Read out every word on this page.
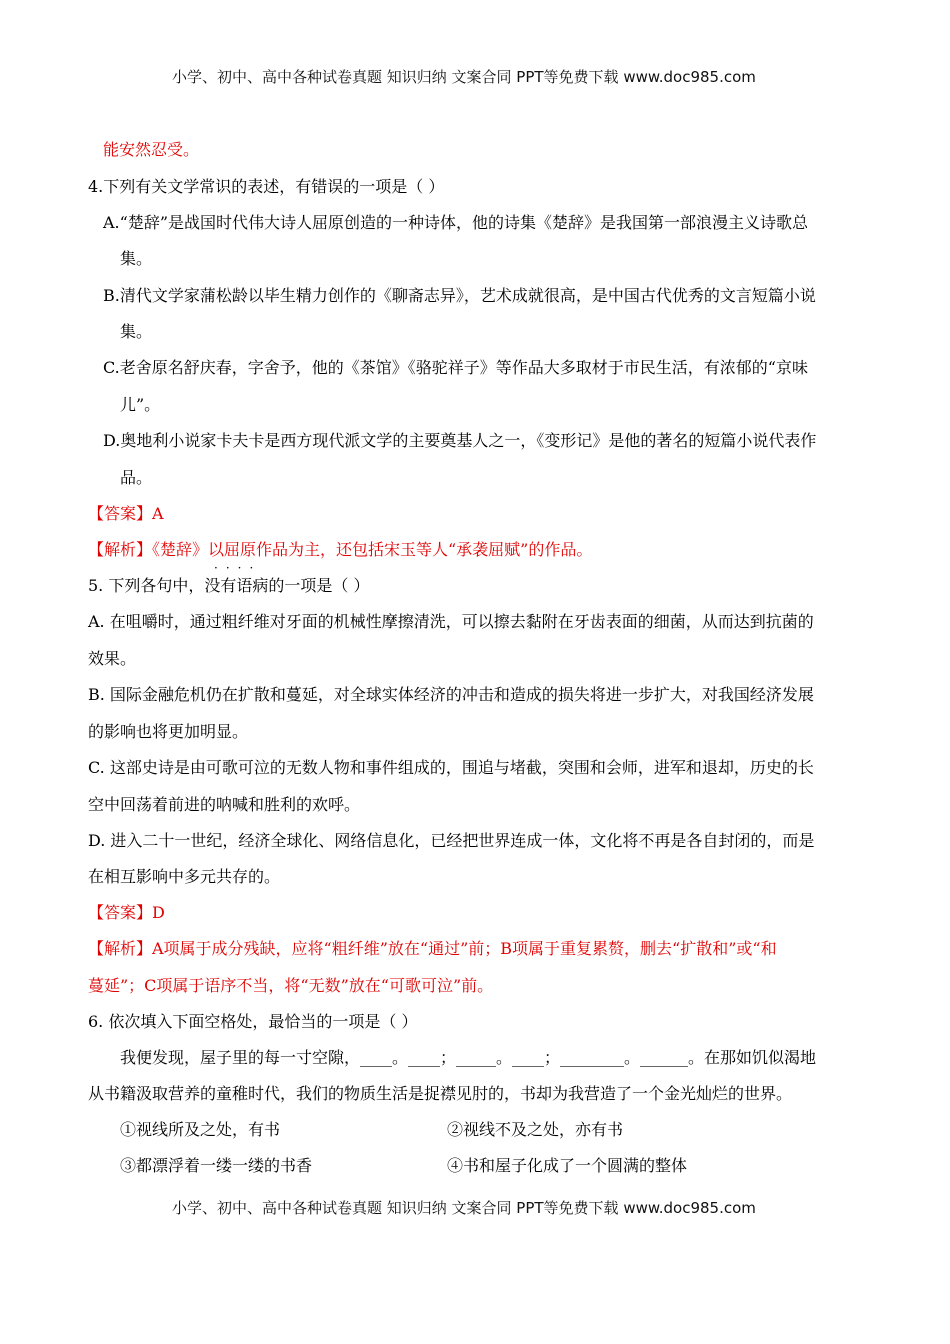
小学、初中、高中各种试卷真题 知识归纳 文案合同 PPT等免费下载 www.doc985.com
能安然忍受。
4.下列有关文学常识的表述，有错误的一项是（ ）
A.“楚辞”是战国时代伟大诗人屈原创造的一种诗体，他的诗集《楚辞》是我国第一部浪漫主义诗歌总
集。
B.清代文学家蒲松龄以毕生精力创作的《聊斋志异》，艺术成就很高，是中国古代优秀的文言短篇小说
集。
C.老舍原名舒庆春，字舍予，他的《茶馆》《骆驼祥子》等作品大多取材于市民生活，有浓郁的“京味
儿”。
D.奥地利小说家卡夫卡是西方现代派文学的主要奠基人之一，《变形记》是他的著名的短篇小说代表作
品。
【答案】A
【解析】《楚辞》以屈原作品为主，还包括宋玉等人“承袭屈赋”的作品。
····
5. 下列各句中，没有语病的一项是（ ）
A. 在咀嚼时，通过粗纤维对牙面的机械性摩擦清洗，可以擦去黏附在牙齿表面的细菌，从而达到抗菌的
效果。
B. 国际金融危机仍在扩散和蔓延，对全球实体经济的冲击和造成的损失将进一步扩大，对我国经济发展
的影响也将更加明显。
C. 这部史诗是由可歌可泣的无数人物和事件组成的，围追与堵截，突围和会师，进军和退却，历史的长
空中回荡着前进的呐喊和胜利的欢呼。
D. 进入二十一世纪，经济全球化、网络信息化，已经把世界连成一体，文化将不再是各自封闭的，而是
在相互影响中多元共存的。
【答案】D
【解析】A项属于成分残缺，应将“粗纤维”放在“通过”前；B项属于重复累赘，删去“扩散和”或“和
蔓延”；C项属于语序不当，将“无数”放在“可歌可泣”前。
6. 依次填入下面空格处，最恰当的一项是（ ）
我便发现，屋子里的每一寸空隙，____。____；_____。____；________。______。在那如饥似渴地
从书籍汲取营养的童稚时代，我们的物质生活是捉襟见肘的，书却为我营造了一个金光灿烂的世界。
①视线所及之处，有书	②视线不及之处，亦有书
③都漂浮着一缕一缕的书香	④书和屋子化成了一个圆满的整体
小学、初中、高中各种试卷真题 知识归纳 文案合同 PPT等免费下载 www.doc985.com
